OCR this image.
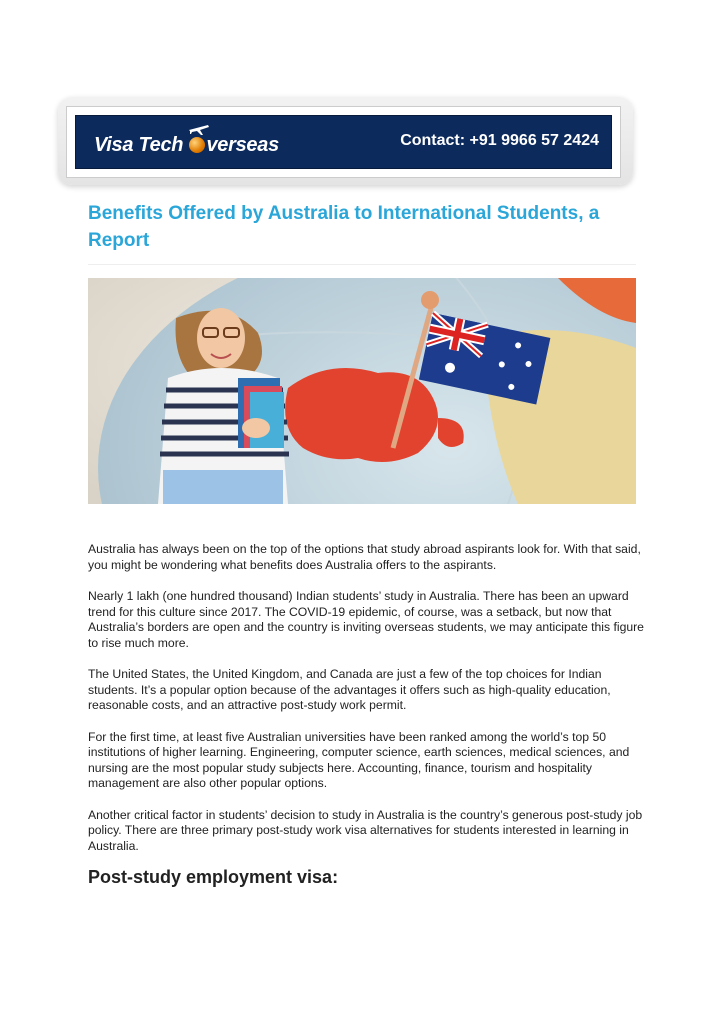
Visa Tech verseas	Contact: +91 9966 57 2424
Benefits Offered by Australia to International Students, a Report

Australia has always been on the top of the options that study abroad aspirants look for. With that said, you might be wondering what benefits does Australia offers to the aspirants.

Nearly 1 lakh (one hundred thousand) Indian students’ study in Australia. There has been an upward trend for this culture since 2017. The COVID-19 epidemic, of course, was a setback, but now that Australia’s borders are open and the country is inviting overseas students, we may anticipate this figure to rise much more.

The United States, the United Kingdom, and Canada are just a few of the top choices for Indian students. It’s a popular option because of the advantages it offers such as high-quality education, reasonable costs, and an attractive post-study work permit.

For the first time, at least five Australian universities have been ranked among the world’s top 50 institutions of higher learning. Engineering, computer science, earth sciences, medical sciences, and nursing are the most popular study subjects here. Accounting, finance, tourism and hospitality management are also other popular options.

Another critical factor in students’ decision to study in Australia is the country’s generous post-study job policy. There are three primary post-study work visa alternatives for students interested in learning in Australia.

Post-study employment visa:
